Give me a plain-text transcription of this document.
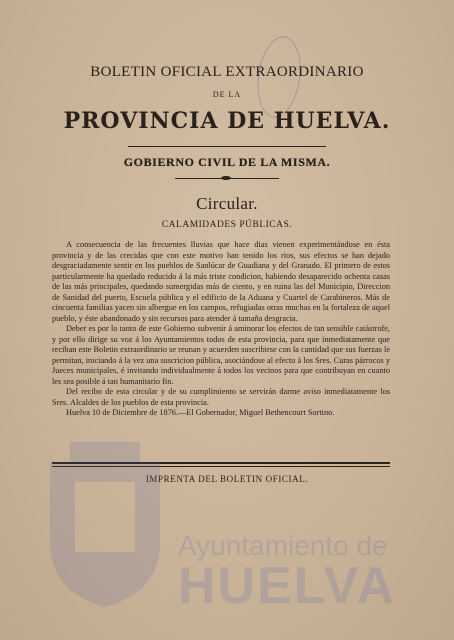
BOLETIN OFICIAL EXTRAORDINARIO
DE LA
PROVINCIA DE HUELVA.
GOBIERNO CIVIL DE LA MISMA.
Circular.
CALAMIDADES PÚBLICAS.

A consecuencia de las frecuentes lluvias que hace dias vienen experimentándose en ésta provincia y de las crecidas que con este motivo han tenido los rios, sus efectos se han dejado desgraciadamente sentir en los pueblos de Sanlúcar de Guadiana y del Granado. El primero de estos particularmente ha quedado reducido á la más triste condicion, habiendo desaparecido ochenta casas de las más principales, quedando sumergidas más de ciento, y en ruina las del Municipio, Direccion de Sanidad del puerto, Escuela pública y el edificio de la Aduana y Cuartel de Carabineros. Más de cincuenta familias yacen sin albergue en los campos, refugiadas otras muchas en la fortaleza de aquel pueblo, y éste abandonado y sin recursos para atender á tamaña desgracia.

Deber es por lo tanto de este Gobierno subvenir á aminorar los efectos de tan sensible catástrofe, y por ello dirige su voz á los Ayuntamientos todos de esta provincia, para que inmediatamente que reciban este Boletin extraordinario se reunan y acuerden suscribirse con la cantidad que sus fuerzas le permitan, iniciando á la vez una suscricion pública, asociándose al efecto á los Sres. Curas párrocos y Jueces municipales, é invitando individualmente á todos los vecinos para que contribuyan en cuanto les sea posible á tan humanitario fin.

Del recibo de esta circular y de su cumplimiento se servirán darme aviso inmediatamente los Sres. Alcaldes de los pueblos de esta provincia.

Huelva 10 de Diciembre de 1876.—El Gobernador, Miguel Bethencourt Sortino.

IMPRENTA DEL BOLETIN OFICIAL.
Ayuntamiento de
HUELVA
